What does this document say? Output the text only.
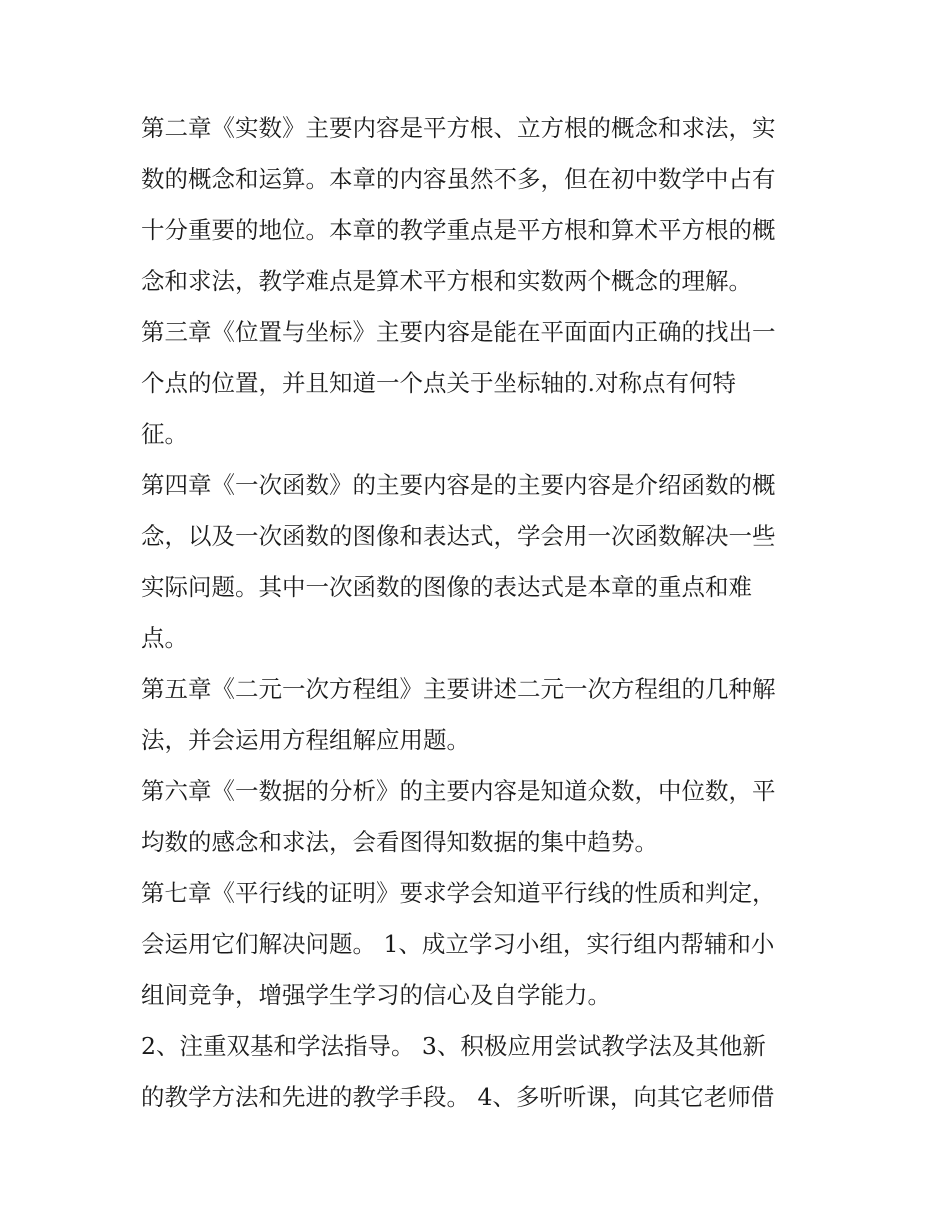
第二章《实数》主要内容是平方根、立方根的概念和求法，实
数的概念和运算。本章的内容虽然不多，但在初中数学中占有
十分重要的地位。本章的教学重点是平方根和算术平方根的概
念和求法，教学难点是算术平方根和实数两个概念的理解。
第三章《位置与坐标》主要内容是能在平面面内正确的找出一
个点的位置，并且知道一个点关于坐标轴的.对称点有何特
征。
第四章《一次函数》的主要内容是的主要内容是介绍函数的概
念，以及一次函数的图像和表达式，学会用一次函数解决一些
实际问题。其中一次函数的图像的表达式是本章的重点和难
点。
第五章《二元一次方程组》主要讲述二元一次方程组的几种解
法，并会运用方程组解应用题。
第六章《一数据的分析》的主要内容是知道众数，中位数，平
均数的感念和求法，会看图得知数据的集中趋势。
第七章《平行线的证明》要求学会知道平行线的性质和判定，
会运用它们解决问题。 1、成立学习小组，实行组内帮辅和小
组间竞争，增强学生学习的信心及自学能力。
2、注重双基和学法指导。 3、积极应用尝试教学法及其他新
的教学方法和先进的教学手段。 4、多听听课，向其它老师借
